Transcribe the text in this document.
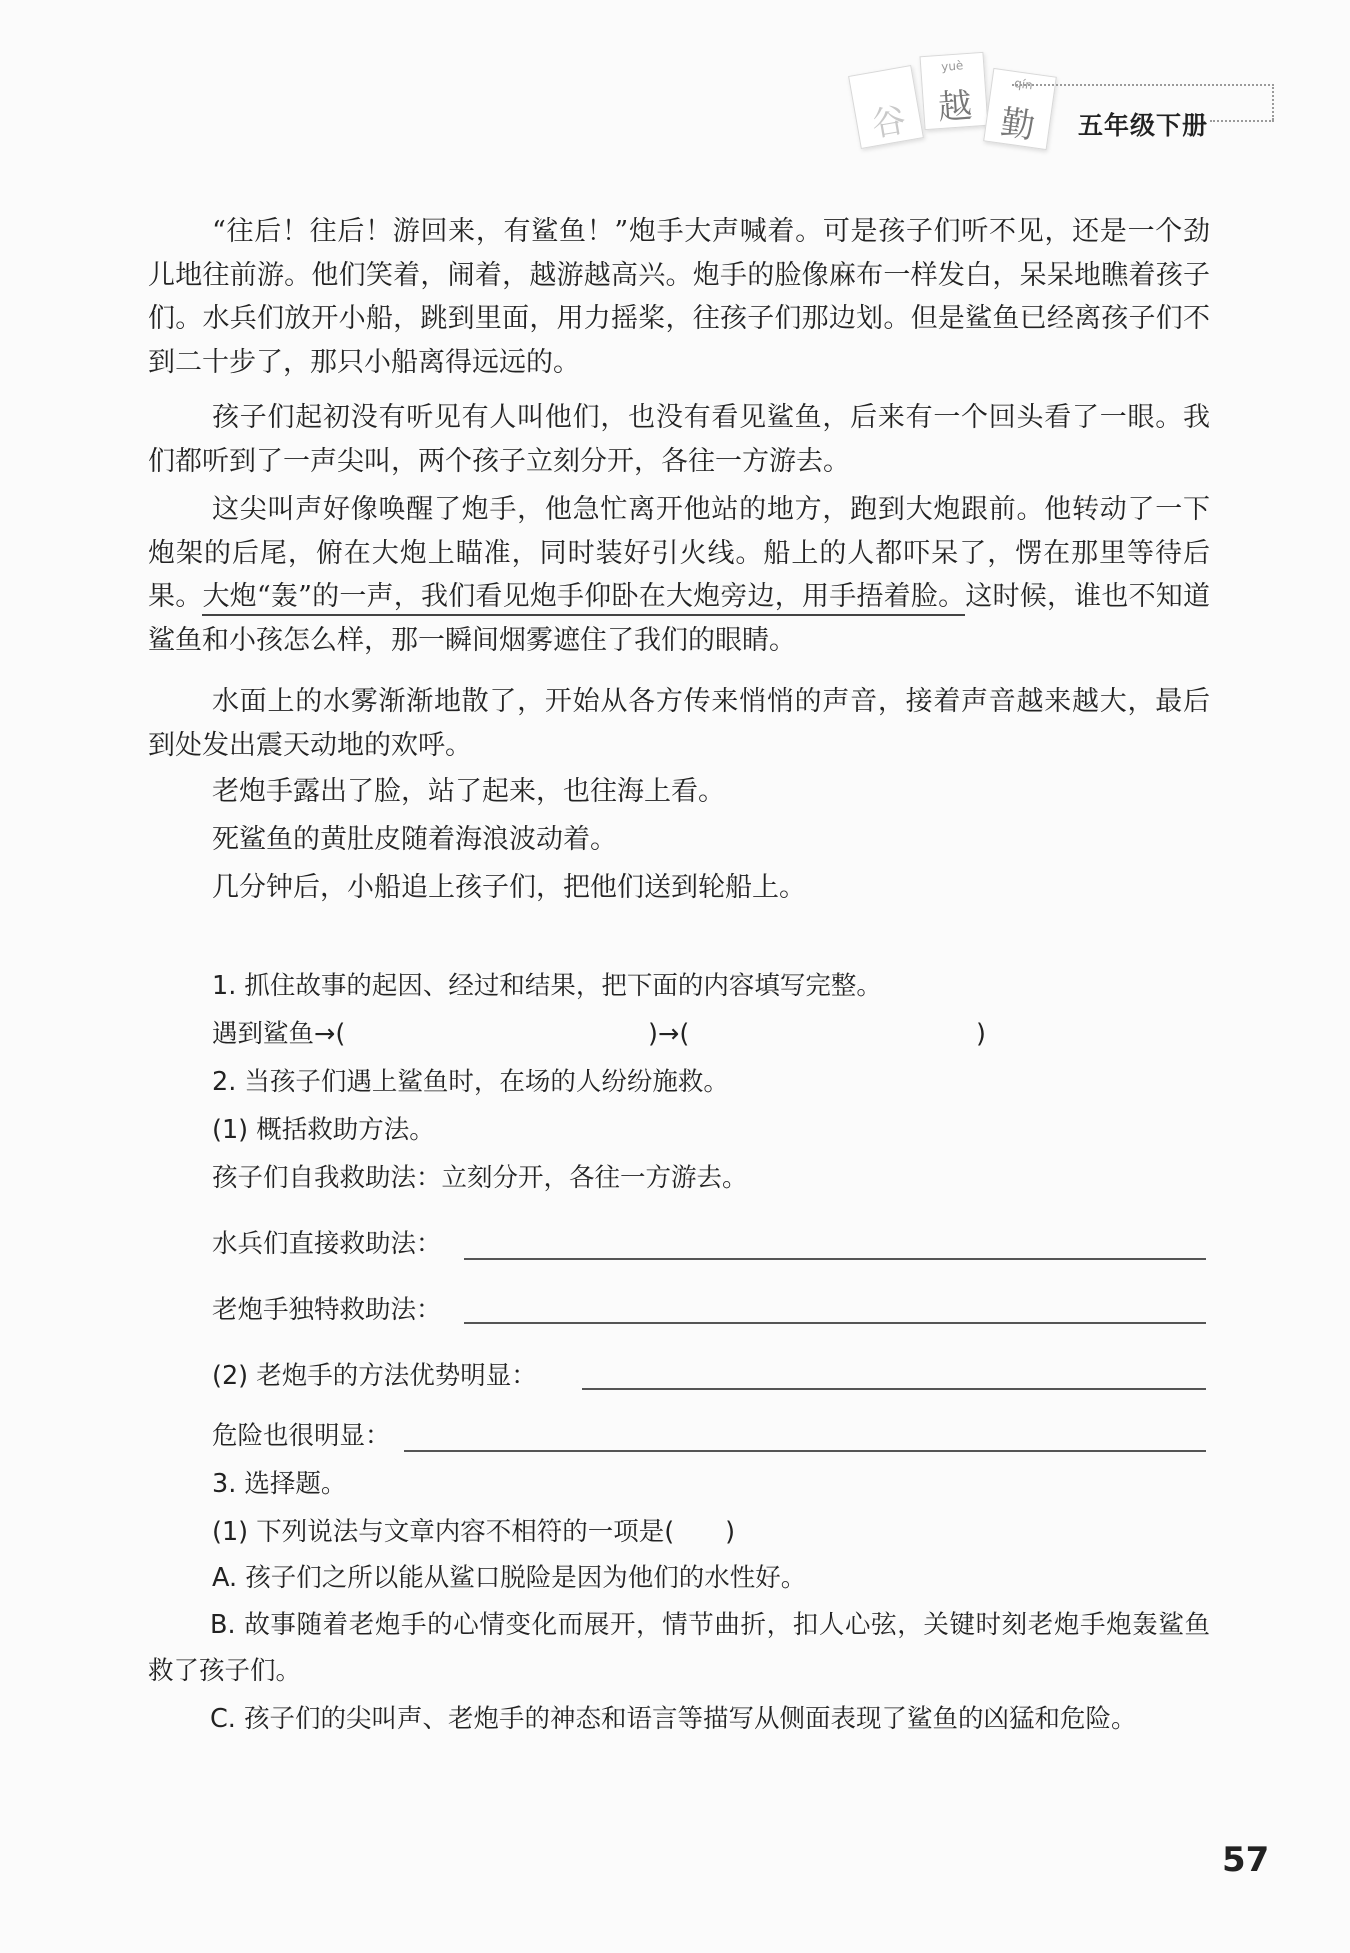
谷
yuè
越
qín
勤	五年级下册
“往后！往后！游回来，有鲨鱼！”炮手大声喊着。可是孩子们听不见，还是一个劲儿地往前游。他们笑着，闹着，越游越高兴。炮手的脸像麻布一样发白，呆呆地瞧着孩子们。水兵们放开小船，跳到里面，用力摇桨，往孩子们那边划。但是鲨鱼已经离孩子们不到二十步了，那只小船离得远远的。
孩子们起初没有听见有人叫他们，也没有看见鲨鱼，后来有一个回头看了一眼。我们都听到了一声尖叫，两个孩子立刻分开，各往一方游去。
这尖叫声好像唤醒了炮手，他急忙离开他站的地方，跑到大炮跟前。他转动了一下炮架的后尾，俯在大炮上瞄准，同时装好引火线。船上的人都吓呆了，愣在那里等待后果。大炮“轰”的一声，我们看见炮手仰卧在大炮旁边，用手捂着脸。这时候，谁也不知道鲨鱼和小孩怎么样，那一瞬间烟雾遮住了我们的眼睛。
水面上的水雾渐渐地散了，开始从各方传来悄悄的声音，接着声音越来越大，最后到处发出震天动地的欢呼。
老炮手露出了脸，站了起来，也往海上看。
死鲨鱼的黄肚皮随着海浪波动着。
几分钟后，小船追上孩子们，把他们送到轮船上。
1. 抓住故事的起因、经过和结果，把下面的内容填写完整。
遇到鲨鱼→(	)→(	)
2. 当孩子们遇上鲨鱼时，在场的人纷纷施救。
(1) 概括救助方法。
孩子们自我救助法：立刻分开，各往一方游去。
水兵们直接救助法：
老炮手独特救助法：
(2) 老炮手的方法优势明显：
危险也很明显：
3. 选择题。
(1) 下列说法与文章内容不相符的一项是(　　)
A. 孩子们之所以能从鲨口脱险是因为他们的水性好。
B. 故事随着老炮手的心情变化而展开，情节曲折，扣人心弦，关键时刻老炮手炮轰鲨鱼救了孩子们。
C. 孩子们的尖叫声、老炮手的神态和语言等描写从侧面表现了鲨鱼的凶猛和危险。
57
